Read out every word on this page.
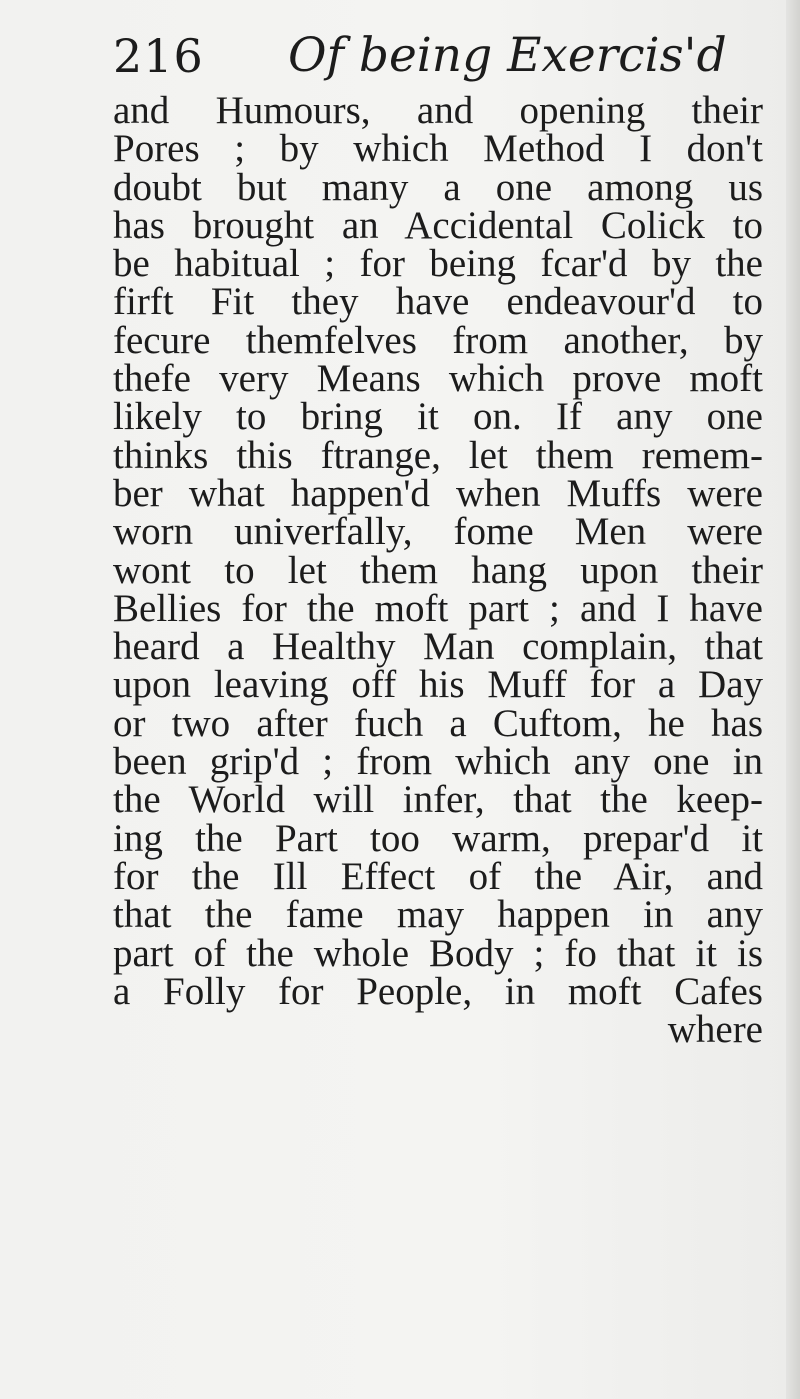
216 Of being Exercis'd
and Humours, and opening their
Pores ; by which Method I don't
doubt but many a one among us
has brought an Accidental Colick to
be habitual ; for being fcar'd by the
firft Fit they have endeavour'd to
fecure themfelves from another, by
thefe very Means which prove moft
likely to bring it on. If any one
thinks this ftrange, let them remem-
ber what happen'd when Muffs were
worn univerfally, fome Men were
wont to let them hang upon their
Bellies for the moft part ; and I have
heard a Healthy Man complain, that
upon leaving off his Muff for a Day
or two after fuch a Cuftom, he has
been grip'd ; from which any one in
the World will infer, that the keep-
ing the Part too warm, prepar'd it
for the Ill Effect of the Air, and
that the fame may happen in any
part of the whole Body ; fo that it is
a Folly for People, in moft Cafes
where
